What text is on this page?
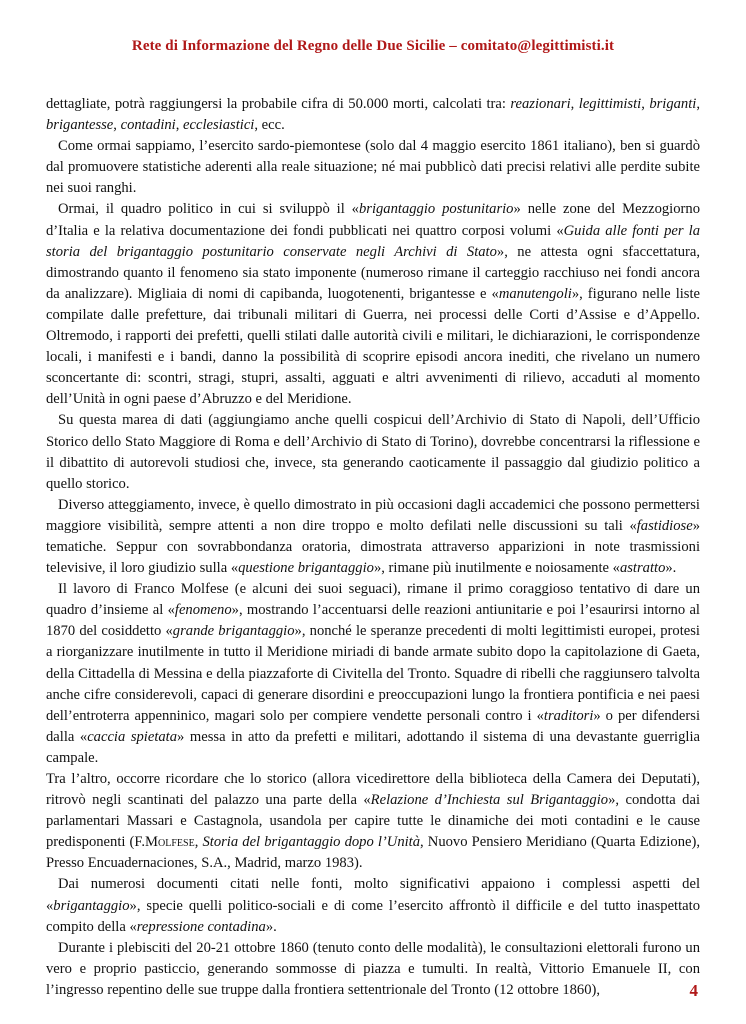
Rete di Informazione del Regno delle Due Sicilie – comitato@legittimisti.it

dettagliate, potrà raggiungersi la probabile cifra di 50.000 morti, calcolati tra: reazionari, legittimisti, briganti, brigantesse, contadini, ecclesiastici, ecc.

Come ormai sappiamo, l’esercito sardo-piemontese (solo dal 4 maggio esercito 1861 italiano), ben si guardò dal promuovere statistiche aderenti alla reale situazione; né mai pubblicò dati precisi relativi alle perdite subite nei suoi ranghi.

Ormai, il quadro politico in cui si sviluppò il «brigantaggio postunitario» nelle zone del Mezzogiorno d’Italia e la relativa documentazione dei fondi pubblicati nei quattro corposi volumi «Guida alle fonti per la storia del brigantaggio postunitario conservate negli Archivi di Stato», ne attesta ogni sfaccettatura, dimostrando quanto il fenomeno sia stato imponente (numeroso rimane il carteggio racchiuso nei fondi ancora da analizzare). Migliaia di nomi di capibanda, luogotenenti, brigantesse e «manutengoli», figurano nelle liste compilate dalle prefetture, dai tribunali militari di Guerra, nei processi delle Corti d’Assise e d’Appello. Oltremodo, i rapporti dei prefetti, quelli stilati dalle autorità civili e militari, le dichiarazioni, le corrispondenze locali, i manifesti e i bandi, danno la possibilità di scoprire episodi ancora inediti, che rivelano un numero sconcertante di: scontri, stragi, stupri, assalti, agguati e altri avvenimenti di rilievo, accaduti al momento dell’Unità in ogni paese d’Abruzzo e del Meridione.

Su questa marea di dati (aggiungiamo anche quelli cospicui dell’Archivio di Stato di Napoli, dell’Ufficio Storico dello Stato Maggiore di Roma e dell’Archivio di Stato di Torino), dovrebbe concentrarsi la riflessione e il dibattito di autorevoli studiosi che, invece, sta generando caoticamente il passaggio dal giudizio politico a quello storico.

Diverso atteggiamento, invece, è quello dimostrato in più occasioni dagli accademici che possono permettersi maggiore visibilità, sempre attenti a non dire troppo e molto defilati nelle discussioni su tali «fastidiose» tematiche. Seppur con sovrabbondanza oratoria, dimostrata attraverso apparizioni in note trasmissioni televisive, il loro giudizio sulla «questione brigantaggio», rimane più inutilmente e noiosamente «astratto».

Il lavoro di Franco Molfese (e alcuni dei suoi seguaci), rimane il primo coraggioso tentativo di dare un quadro d’insieme al «fenomeno», mostrando l’accentuarsi delle reazioni antiunitarie e poi l’esaurirsi intorno al 1870 del cosiddetto «grande brigantaggio», nonché le speranze precedenti di molti legittimisti europei, protesi a riorganizzare inutilmente in tutto il Meridione miriadi di bande armate subito dopo la capitolazione di Gaeta, della Cittadella di Messina e della piazzaforte di Civitella del Tronto. Squadre di ribelli che raggiunsero talvolta anche cifre considerevoli, capaci di generare disordini e preoccupazioni lungo la frontiera pontificia e nei paesi dell’entroterra appenninico, magari solo per compiere vendette personali contro i «traditori» o per difendersi dalla «caccia spietata» messa in atto da prefetti e militari, adottando il sistema di una devastante guerriglia campale.

Tra l’altro, occorre ricordare che lo storico (allora vicedirettore della biblioteca della Camera dei Deputati), ritrovò negli scantinati del palazzo una parte della «Relazione d’Inchiesta sul Brigantaggio», condotta dai parlamentari Massari e Castagnola, usandola per capire tutte le dinamiche dei moti contadini e le cause predisponenti (F.Molfese, Storia del brigantaggio dopo l’Unità, Nuovo Pensiero Meridiano (Quarta Edizione), Presso Encuadernaciones, S.A., Madrid, marzo 1983).

Dai numerosi documenti citati nelle fonti, molto significativi appaiono i complessi aspetti del «brigantaggio», specie quelli politico-sociali e di come l’esercito affrontò il difficile e del tutto inaspettato compito della «repressione contadina».

Durante i plebisciti del 20-21 ottobre 1860 (tenuto conto delle modalità), le consultazioni elettorali furono un vero e proprio pasticcio, generando sommosse di piazza e tumulti. In realtà, Vittorio Emanuele II, con l’ingresso repentino delle sue truppe dalla frontiera settentrionale del Tronto (12 ottobre 1860),	4
